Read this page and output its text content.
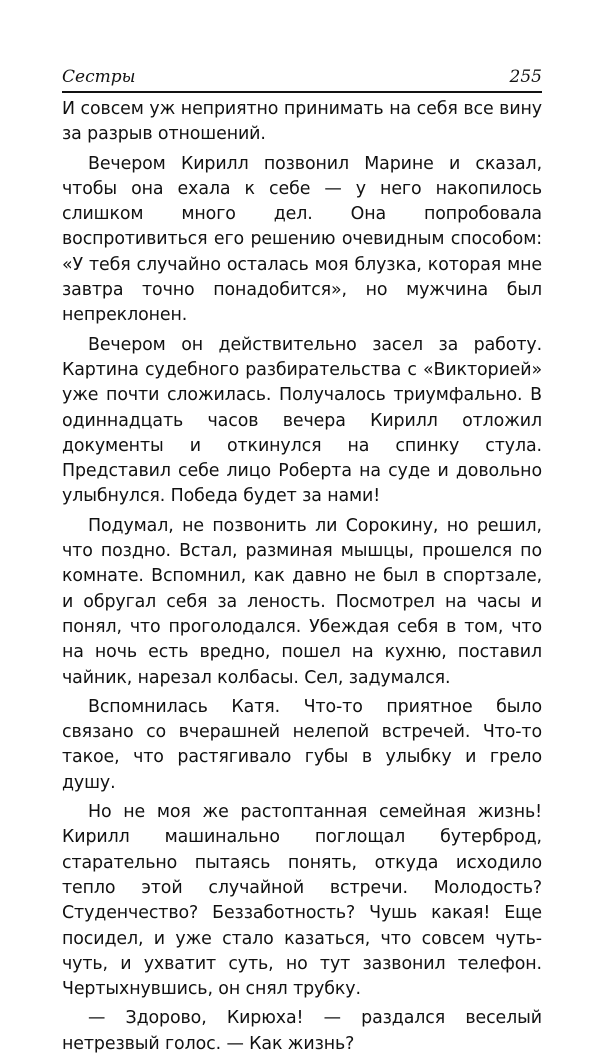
Сестры	255

И совсем уж неприятно принимать на себя все вину за разрыв отношений.

Вечером Кирилл позвонил Марине и сказал, чтобы она ехала к себе — у него накопилось слишком много дел. Она попробовала воспротивиться его решению очевидным способом: «У тебя случайно осталась моя блузка, которая мне завтра точно понадобится», но мужчина был непреклонен.

Вечером он действительно засел за работу. Картина судебного разбирательства с «Викторией» уже почти сложилась. Получалось триумфально. В одиннадцать часов вечера Кирилл отложил документы и откинулся на спинку стула. Представил себе лицо Роберта на суде и довольно улыбнулся. Победа будет за нами!

Подумал, не позвонить ли Сорокину, но решил, что поздно. Встал, разминая мышцы, прошелся по комнате. Вспомнил, как давно не был в спортзале, и обругал себя за леность. Посмотрел на часы и понял, что проголодался. Убеждая себя в том, что на ночь есть вредно, пошел на кухню, поставил чайник, нарезал колбасы. Сел, задумался.

Вспомнилась Катя. Что-то приятное было связано со вчерашней нелепой встречей. Что-то такое, что растягивало губы в улыбку и грело душу.

Но не моя же растоптанная семейная жизнь! Кирилл машинально поглощал бутерброд, старательно пытаясь понять, откуда исходило тепло этой случайной встречи. Молодость? Студенчество? Беззаботность? Чушь какая! Еще посидел, и уже стало казаться, что совсем чуть-чуть, и ухватит суть, но тут зазвонил телефон. Чертыхнувшись, он снял трубку.

— Здорово, Кирюха! — раздался веселый нетрезвый голос. — Как жизнь?
